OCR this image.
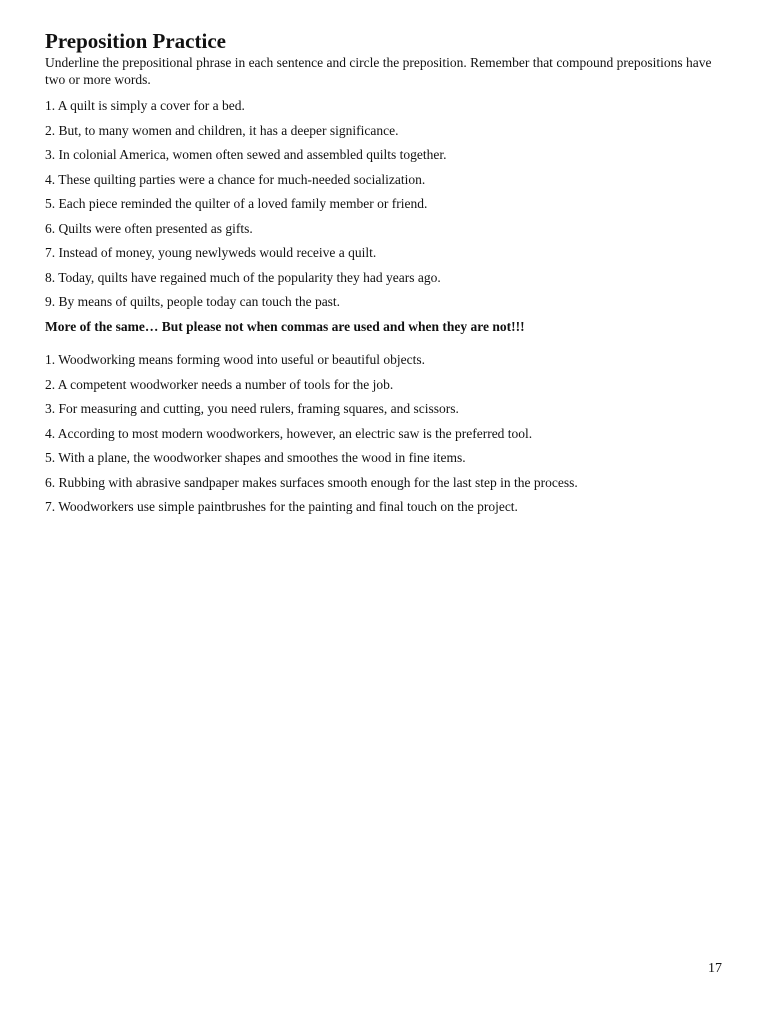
Preposition Practice

Underline the prepositional phrase in each sentence and circle the preposition. Remember that compound prepositions have two or more words.

1. A quilt is simply a cover for a bed.

2. But, to many women and children, it has a deeper significance.

3. In colonial America, women often sewed and assembled quilts together.

4. These quilting parties were a chance for much-needed socialization.

5. Each piece reminded the quilter of a loved family member or friend.

6. Quilts were often presented as gifts.

7. Instead of money, young newlyweds would receive a quilt.

8. Today, quilts have regained much of the popularity they had years ago.

9. By means of quilts, people today can touch the past.

More of the same… But please not when commas are used and when they are not!!!

1. Woodworking means forming wood into useful or beautiful objects.

2. A competent woodworker needs a number of tools for the job.

3. For measuring and cutting, you need rulers, framing squares, and scissors.

4. According to most modern woodworkers, however, an electric saw is the preferred tool.

5. With a plane, the woodworker shapes and smoothes the wood in fine items.

6. Rubbing with abrasive sandpaper makes surfaces smooth enough for the last step in the process.

7. Woodworkers use simple paintbrushes for the painting and final touch on the project.

17
